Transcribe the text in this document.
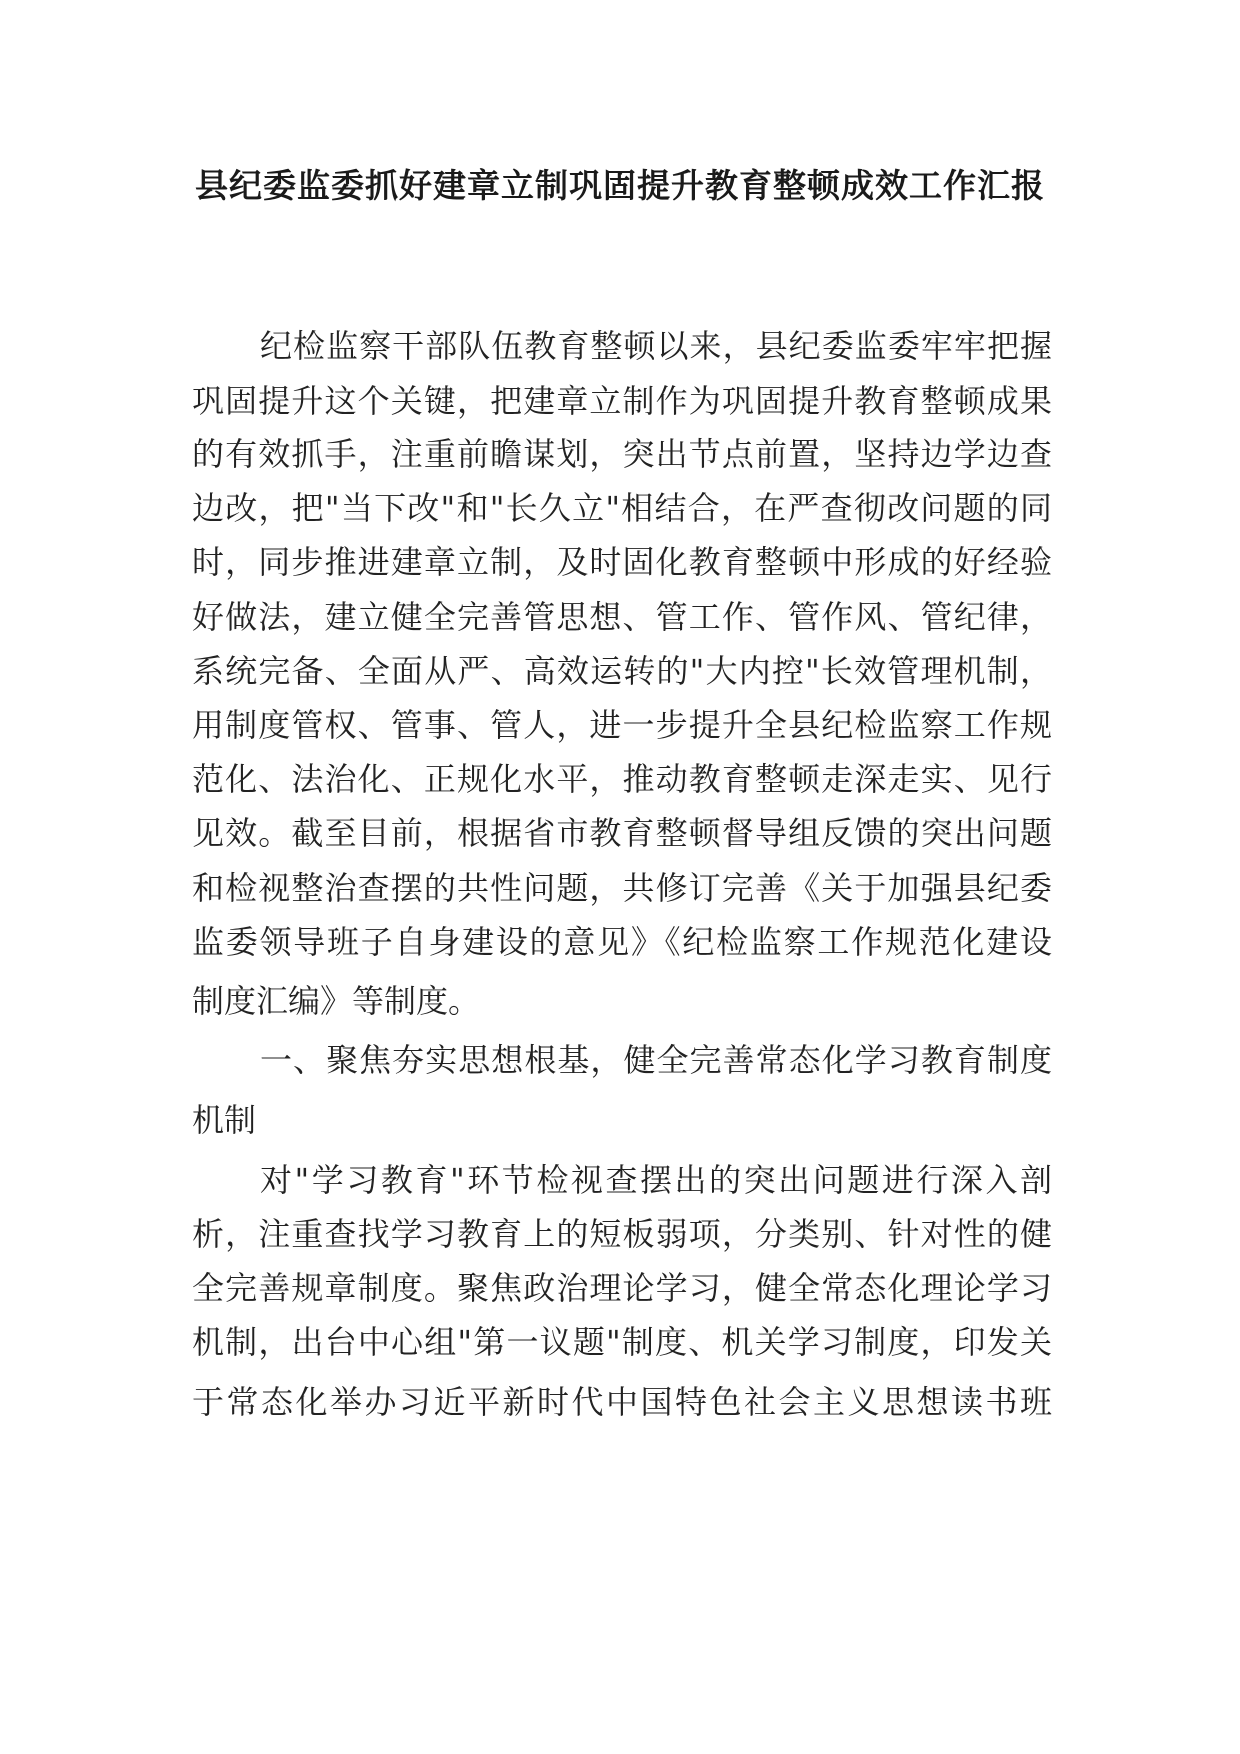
县纪委监委抓好建章立制巩固提升教育整顿成效工作汇报

纪检监察干部队伍教育整顿以来，县纪委监委牢牢把握

巩固提升这个关键，把建章立制作为巩固提升教育整顿成果

的有效抓手，注重前瞻谋划，突出节点前置，坚持边学边查

边改，把"当下改"和"长久立"相结合，在严查彻改问题的同

时，同步推进建章立制，及时固化教育整顿中形成的好经验

好做法，建立健全完善管思想、管工作、管作风、管纪律，

系统完备、全面从严、高效运转的"大内控"长效管理机制，

用制度管权、管事、管人，进一步提升全县纪检监察工作规

范化、法治化、正规化水平，推动教育整顿走深走实、见行

见效。截至目前，根据省市教育整顿督导组反馈的突出问题

和检视整治查摆的共性问题，共修订完善《关于加强县纪委

监委领导班子自身建设的意见》《纪检监察工作规范化建设

制度汇编》等制度。

一、聚焦夯实思想根基，健全完善常态化学习教育制度

机制

对"学习教育"环节检视查摆出的突出问题进行深入剖

析，注重查找学习教育上的短板弱项，分类别、针对性的健

全完善规章制度。聚焦政治理论学习，健全常态化理论学习

机制，出台中心组"第一议题"制度、机关学习制度，印发关

于常态化举办习近平新时代中国特色社会主义思想读书班
